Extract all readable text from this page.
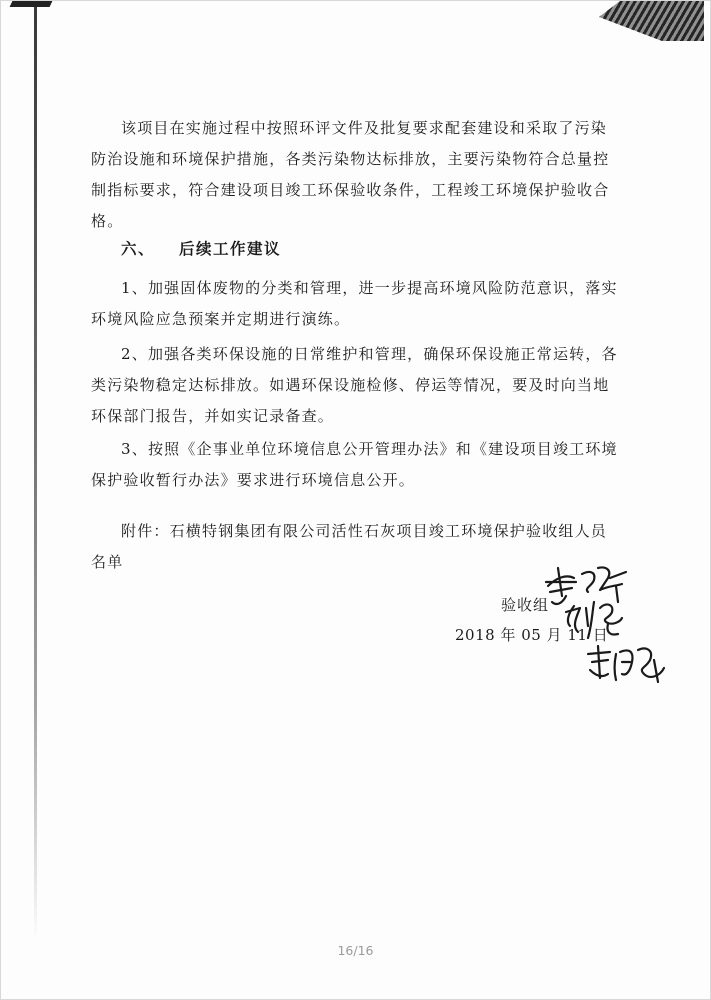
该项目在实施过程中按照环评文件及批复要求配套建设和采取了污染防治设施和环境保护措施，各类污染物达标排放，主要污染物符合总量控制指标要求，符合建设项目竣工环保验收条件，工程竣工环境保护验收合格。

六、 后续工作建议

1、加强固体废物的分类和管理，进一步提高环境风险防范意识，落实环境风险应急预案并定期进行演练。

2、加强各类环保设施的日常维护和管理，确保环保设施正常运转，各类污染物稳定达标排放。如遇环保设施检修、停运等情况，要及时向当地环保部门报告，并如实记录备查。

3、按照《企事业单位环境信息公开管理办法》和《建设项目竣工环境保护验收暂行办法》要求进行环境信息公开。

附件：石横特钢集团有限公司活性石灰项目竣工环境保护验收组人员名单

验收组
2018 年 05 月 11 日
16/16
